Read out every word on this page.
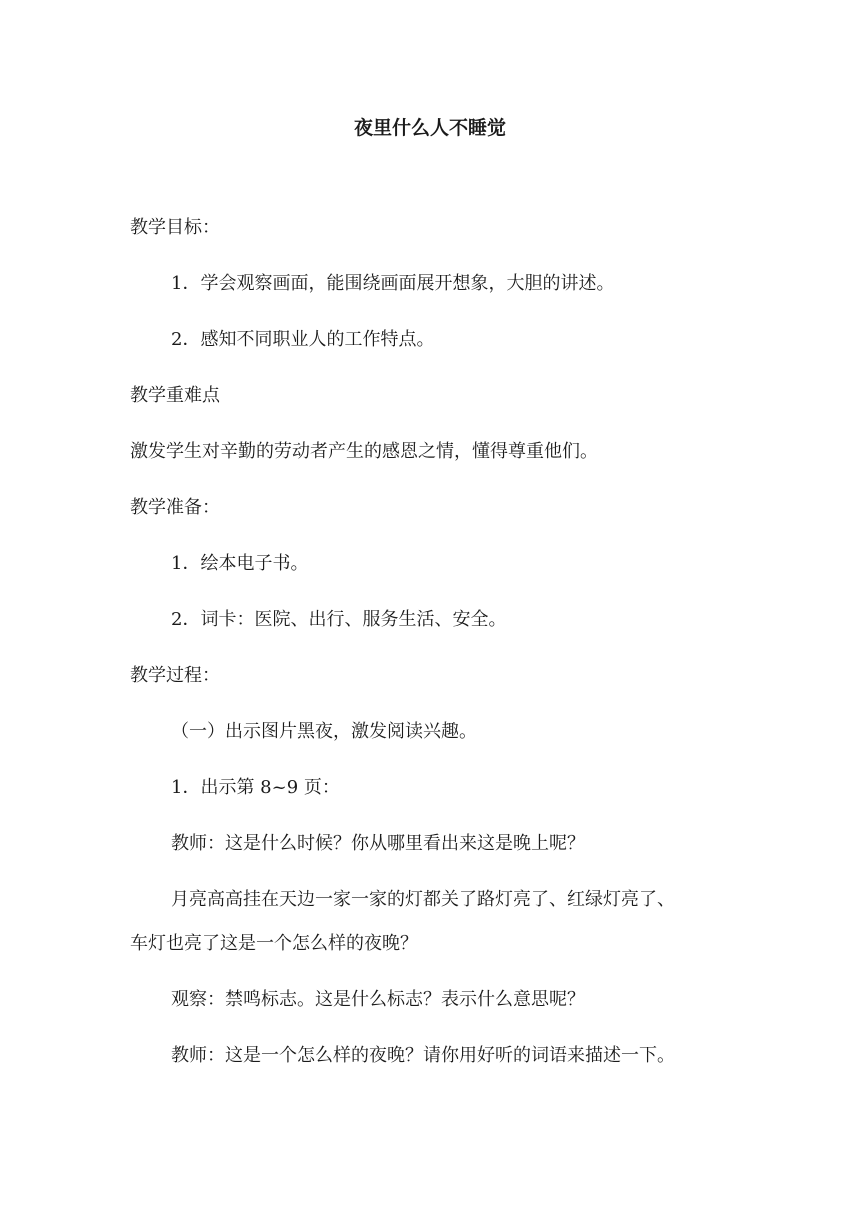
夜里什么人不睡觉
教学目标：
1．学会观察画面，能围绕画面展开想象，大胆的讲述。
2．感知不同职业人的工作特点。
教学重难点
激发学生对辛勤的劳动者产生的感恩之情，懂得尊重他们。
教学准备：
1．绘本电子书。
2．词卡：医院、出行、服务生活、安全。
教学过程：
（一）出示图片黑夜，激发阅读兴趣。
1．出示第 8~9 页：
教师：这是什么时候？你从哪里看出来这是晚上呢？
月亮高高挂在天边一家一家的灯都关了路灯亮了、红绿灯亮了、
车灯也亮了这是一个怎么样的夜晚？
观察：禁鸣标志。这是什么标志？表示什么意思呢？
教师：这是一个怎么样的夜晚？请你用好听的词语来描述一下。
